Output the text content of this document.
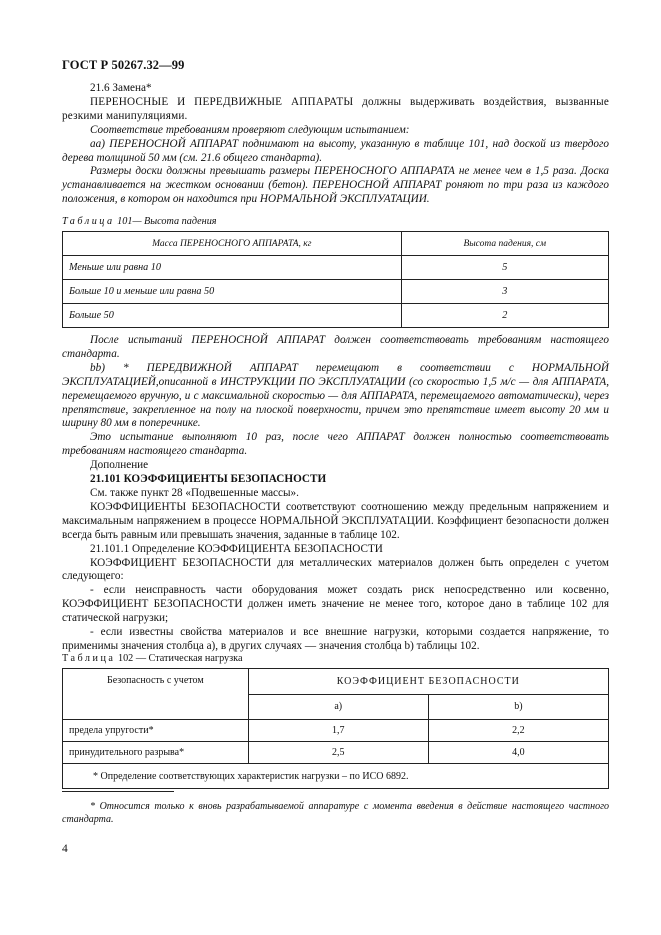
ГОСТ Р 50267.32—99

21.6 Замена*

ПЕРЕНОСНЫЕ И ПЕРЕДВИЖНЫЕ АППАРАТЫ должны выдерживать воздействия, вызванные резкими манипуляциями.

Соответствие требованиям проверяют следующим испытанием:

aa) ПЕРЕНОСНОЙ АППАРАТ поднимают на высоту, указанную в таблице 101, над доской из твердого дерева толщиной 50 мм (см. 21.6 общего стандарта).

Размеры доски должны превышать размеры ПЕРЕНОСНОГО АППАРАТА не менее чем в 1,5 раза. Доска устанавливается на жестком основании (бетон). ПЕРЕНОСНОЙ АППАРАТ роняют по три раза из каждого положения, в котором он находится при НОРМАЛЬНОЙ ЭКСПЛУАТАЦИИ.

Таблица 101— Высота падения
Масса ПЕРЕНОСНОГО АППАРАТА, кг	Высота падения, см
Меньше или равна 10	5
Больше 10 и меньше или равна 50	3
Больше 50	2

После испытаний ПЕРЕНОСНОЙ АППАРАТ должен соответствовать требованиям настоящего стандарта.

bb) * ПЕРЕДВИЖНОЙ АППАРАТ перемещают в соответствии с НОРМАЛЬНОЙ ЭКСПЛУАТАЦИЕЙ,описанной в ИНСТРУКЦИИ ПО ЭКСПЛУАТАЦИИ (со скоростью 1,5 м/с — для АППАРАТА, перемещаемого вручную, и с максимальной скоростью — для АППАРАТА, перемещаемого автоматически), через препятствие, закрепленное на полу на плоской поверхности, причем это препятствие имеет высоту 20 мм и ширину 80 мм в поперечнике.

Это испытание выполняют 10 раз, после чего АППАРАТ должен полностью соответствовать требованиям настоящего стандарта.

Дополнение

21.101 КОЭФФИЦИЕНТЫ БЕЗОПАСНОСТИ

См. также пункт 28 «Подвешенные массы».

КОЭФФИЦИЕНТЫ БЕЗОПАСНОСТИ соответствуют соотношению между предельным напряжением и максимальным напряжением в процессе НОРМАЛЬНОЙ ЭКСПЛУАТАЦИИ. Коэффициент безопасности должен всегда быть равным или превышать значения, заданные в таблице 102.

21.101.1 Определение КОЭФФИЦИЕНТА БЕЗОПАСНОСТИ

КОЭФФИЦИЕНТ БЕЗОПАСНОСТИ для металлических материалов должен быть определен с учетом следующего:

- если неисправность части оборудования может создать риск непосредственно или косвенно, КОЭФФИЦИЕНТ БЕЗОПАСНОСТИ должен иметь значение не менее того, которое дано в таблице 102 для статической нагрузки;

- если известны свойства материалов и все внешние нагрузки, которыми создается напряжение, то применимы значения столбца а), в других случаях — значения столбца b) таблицы 102.

Таблица 102 — Статическая нагрузка
Безопасность с учетом	КОЭФФИЦИЕНТ БЕЗОПАСНОСТИ	
	a)	b)
предела упругости*	1,7	2,2
принудительного разрыва*	2,5	4,0
* Определение соответствующих характеристик нагрузки – по ИСО 6892.		
* Относится только к вновь разрабатываемой аппаратуре с момента введения в действие настоящего частного стандарта.
4
